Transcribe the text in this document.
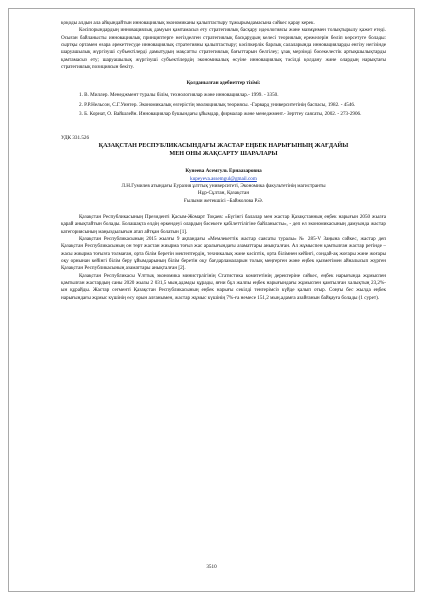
қоқоды алдын ала айқындайтын инновациялық экономиканы қалыптастыру тұжырымдамасына сәйкес қарау керек.

Кәсіпорындардың инновациялық дамуын қамтамасыз ету стратегиялық басқару идеологиясы және мазмұнмен толықтырылу қажет етеді. Осыған байланысты инновациялық принциптерге негізделген стратегиялық басқарудың келесі теориялық ережелерін бөліп көрсетуге болады: сыртқы ортамен өзара әрекеттесуде инновациялық стратегияны қалыптастыру; кәсіпкерлік барлық салаларында инновацияларды енгізу негізінде шаруашылық жүргізуші субъектілерді дамытудың мақсатты стратегиялық бағыттарын белгілеу; ұзақ мерзімді бәсекелестік артықшылықтарды қамтамасыз ету; шаруашылық жүргізуші субъектілердің экономикалық өсуіне инновациялық тәсілді қолдану және олардың нарықтағы стратегиялық позициясын бекіту.

Қолданылған әдебиеттер тізімі:

1. В. Миллер. Менеджмент туралы білім, технологиялар және инновациялар.- 1999. - 3350.

2. Р.Р.Нельсон, С.Г.Уинтер. Экономикалық өзгерістің эволюциялық теориясы. -Гарвард университетінің баспасы, 1982. - 4546.

3. Б. Корнат, О. Вайшлейн. Инновациялар бушындағы ұйымдар, фирмалар және менеджмент.- Зерттеу саясаты, 2002. - 273-2906.

УДК 331.526

ҚАЗАҚСТАН РЕСПУБЛИКАСЫНДАҒЫ ЖАСТАР ЕҢБЕК НАРЫҒЫНЫҢ ЖАҒДАЙЫ

МЕН ОНЫ ЖАҚСАРТУ ШАРАЛАРЫ

Кунеева Асемгуль Ернаазаровна

kupeyeva.assemgul@gmail.com

Л.Н.Гумилев атындағы Еуразия ұлттық университеті, Экономика факультетінің магистранты

Нұр-Сұлтан, Қазақстан

Ғылыми жетекшісі –Байжолова Р.Ә.

Қазақстан Республикасының Президенті Қасым-Жомарт Тоқаев: «Бүгінгі балалар мен жастар Қазақстанның еңбек нарығын 2050 жылға қарай анықтайтын болады. Болашақта елдің өркендеуі олардың бәсекеге қабілеттілігіне байланысты», - деп ел экономикасының дамуында жастар категориясының маңыздылығын атап айтқан болатын [1].

Қазақстан Республикасының 2015 жылғы 9 ақпандағы «Мемлекеттік жастар саясаты туралы» № 285-V Заңына сәйкес, жастар деп Қазақстан Республикасының он төрт жастан жиырма тоғыз жас аралығындағы азаматтары анықталған. Ал жұмыспен қамтылған жастар ретінде – жасы жиырма тоғызға толмаған, орта білім беретін мектептердің, техникалық және кәсіптік, орта білімнен кейінгі, сондай-ақ жоғары және жоғары оқу орнынан кейінгі білім беру ұйымдарының білім беретін оқу бағдарламаларын толық меңгерген және еңбек қызметімен айналысып жүрген Қазақстан Республикасының азаматтары анықталған [2].

Қазақстан Республикасы Ұлттық экономика министрлігінің Статистика комитетінің деректеріне сәйкес, еңбек нарығында жұмыспен қамтылған жастардың саны 2020 жылы 2 031,5 мың.адамды құрады, яғни бұл жалпы еңбек нарығындағы жұмыспен қамтылған халықтың 23,2%-ын құрайды. Жастар сегменті Қазақстан Республикасының еңбек нарығы секілді тенгерімсіз күйде қалып отыр. Соңғы бес жылда еңбек нарығындағы жұмыс күшінің өсу орын алғанымен, жастар жұмыс күшінің 7%-ға немесе 151,2 мың.адамға азайғанын байқауға болады (1 сурет).

3510
